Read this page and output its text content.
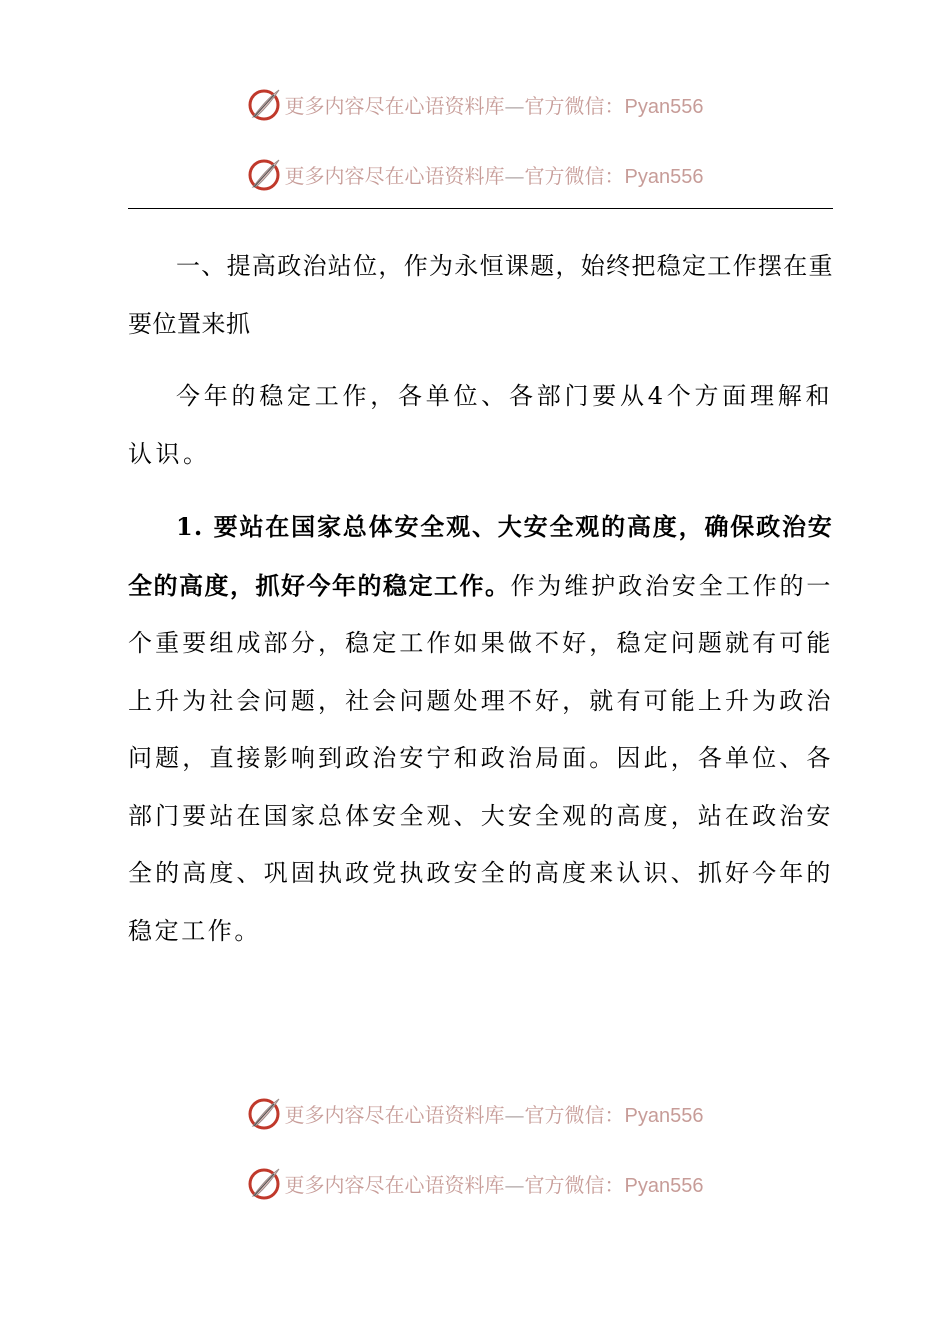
更多内容尽在心语资料库—官方微信：Pyan556
更多内容尽在心语资料库—官方微信：Pyan556

一、提高政治站位，作为永恒课题，始终把稳定工作摆在重要位置来抓

今年的稳定工作，各单位、各部门要从4个方面理解和认识。

1. 要站在国家总体安全观、大安全观的高度，确保政治安全的高度，抓好今年的稳定工作。作为维护政治安全工作的一个重要组成部分，稳定工作如果做不好，稳定问题就有可能上升为社会问题，社会问题处理不好，就有可能上升为政治问题，直接影响到政治安宁和政治局面。因此，各单位、各部门要站在国家总体安全观、大安全观的高度，站在政治安全的高度、巩固执政党执政安全的高度来认识、抓好今年的稳定工作。

更多内容尽在心语资料库—官方微信：Pyan556
更多内容尽在心语资料库—官方微信：Pyan556
